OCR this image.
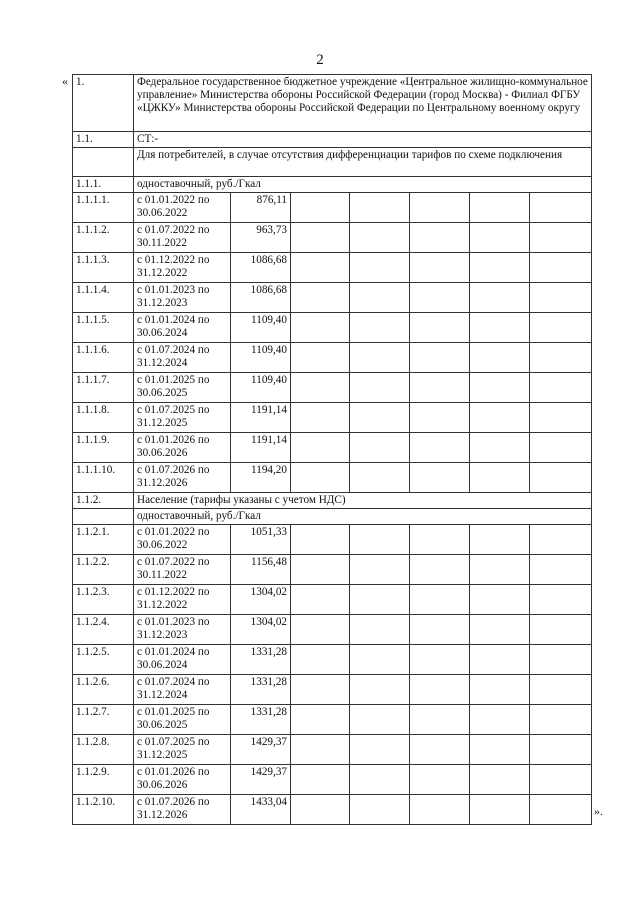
2
« 1.	Федеральное государственное бюджетное учреждение «Центральное жилищно-коммунальное управление» Министерства обороны Российской Федерации (город Москва) - Филиал ФГБУ «ЦЖКУ» Министерства обороны Российской Федерации по Центральному военному округу						
1.1.	СТ:-						
	Для потребителей, в случае отсутствия дифференциации тарифов по схеме подключения						
1.1.1.	одноставочный, руб./Гкал						
1.1.1.1.	с 01.01.2022 по 30.06.2022	876,11					
1.1.1.2.	с 01.07.2022 по 30.11.2022	963,73					
1.1.1.3.	с 01.12.2022 по 31.12.2022	1086,68					
1.1.1.4.	с 01.01.2023 по 31.12.2023	1086,68					
1.1.1.5.	с 01.01.2024 по 30.06.2024	1109,40					
1.1.1.6.	с 01.07.2024 по 31.12.2024	1109,40					
1.1.1.7.	с 01.01.2025 по 30.06.2025	1109,40					
1.1.1.8.	с 01.07.2025 по 31.12.2025	1191,14					
1.1.1.9.	с 01.01.2026 по 30.06.2026	1191,14					
1.1.1.10.	с 01.07.2026 по 31.12.2026	1194,20					
1.1.2.	Население (тарифы указаны с учетом НДС)						
	одноставочный, руб./Гкал						
1.1.2.1.	с 01.01.2022 по 30.06.2022	1051,33					
1.1.2.2.	с 01.07.2022 по 30.11.2022	1156,48					
1.1.2.3.	с 01.12.2022 по 31.12.2022	1304,02					
1.1.2.4.	с 01.01.2023 по 31.12.2023	1304,02					
1.1.2.5.	с 01.01.2024 по 30.06.2024	1331,28					
1.1.2.6.	с 01.07.2024 по 31.12.2024	1331,28					
1.1.2.7.	с 01.01.2025 по 30.06.2025	1331,28					
1.1.2.8.	с 01.07.2025 по 31.12.2025	1429,37					
1.1.2.9.	с 01.01.2026 по 30.06.2026	1429,37					
1.1.2.10.	с 01.07.2026 по 31.12.2026	1433,04					
».
